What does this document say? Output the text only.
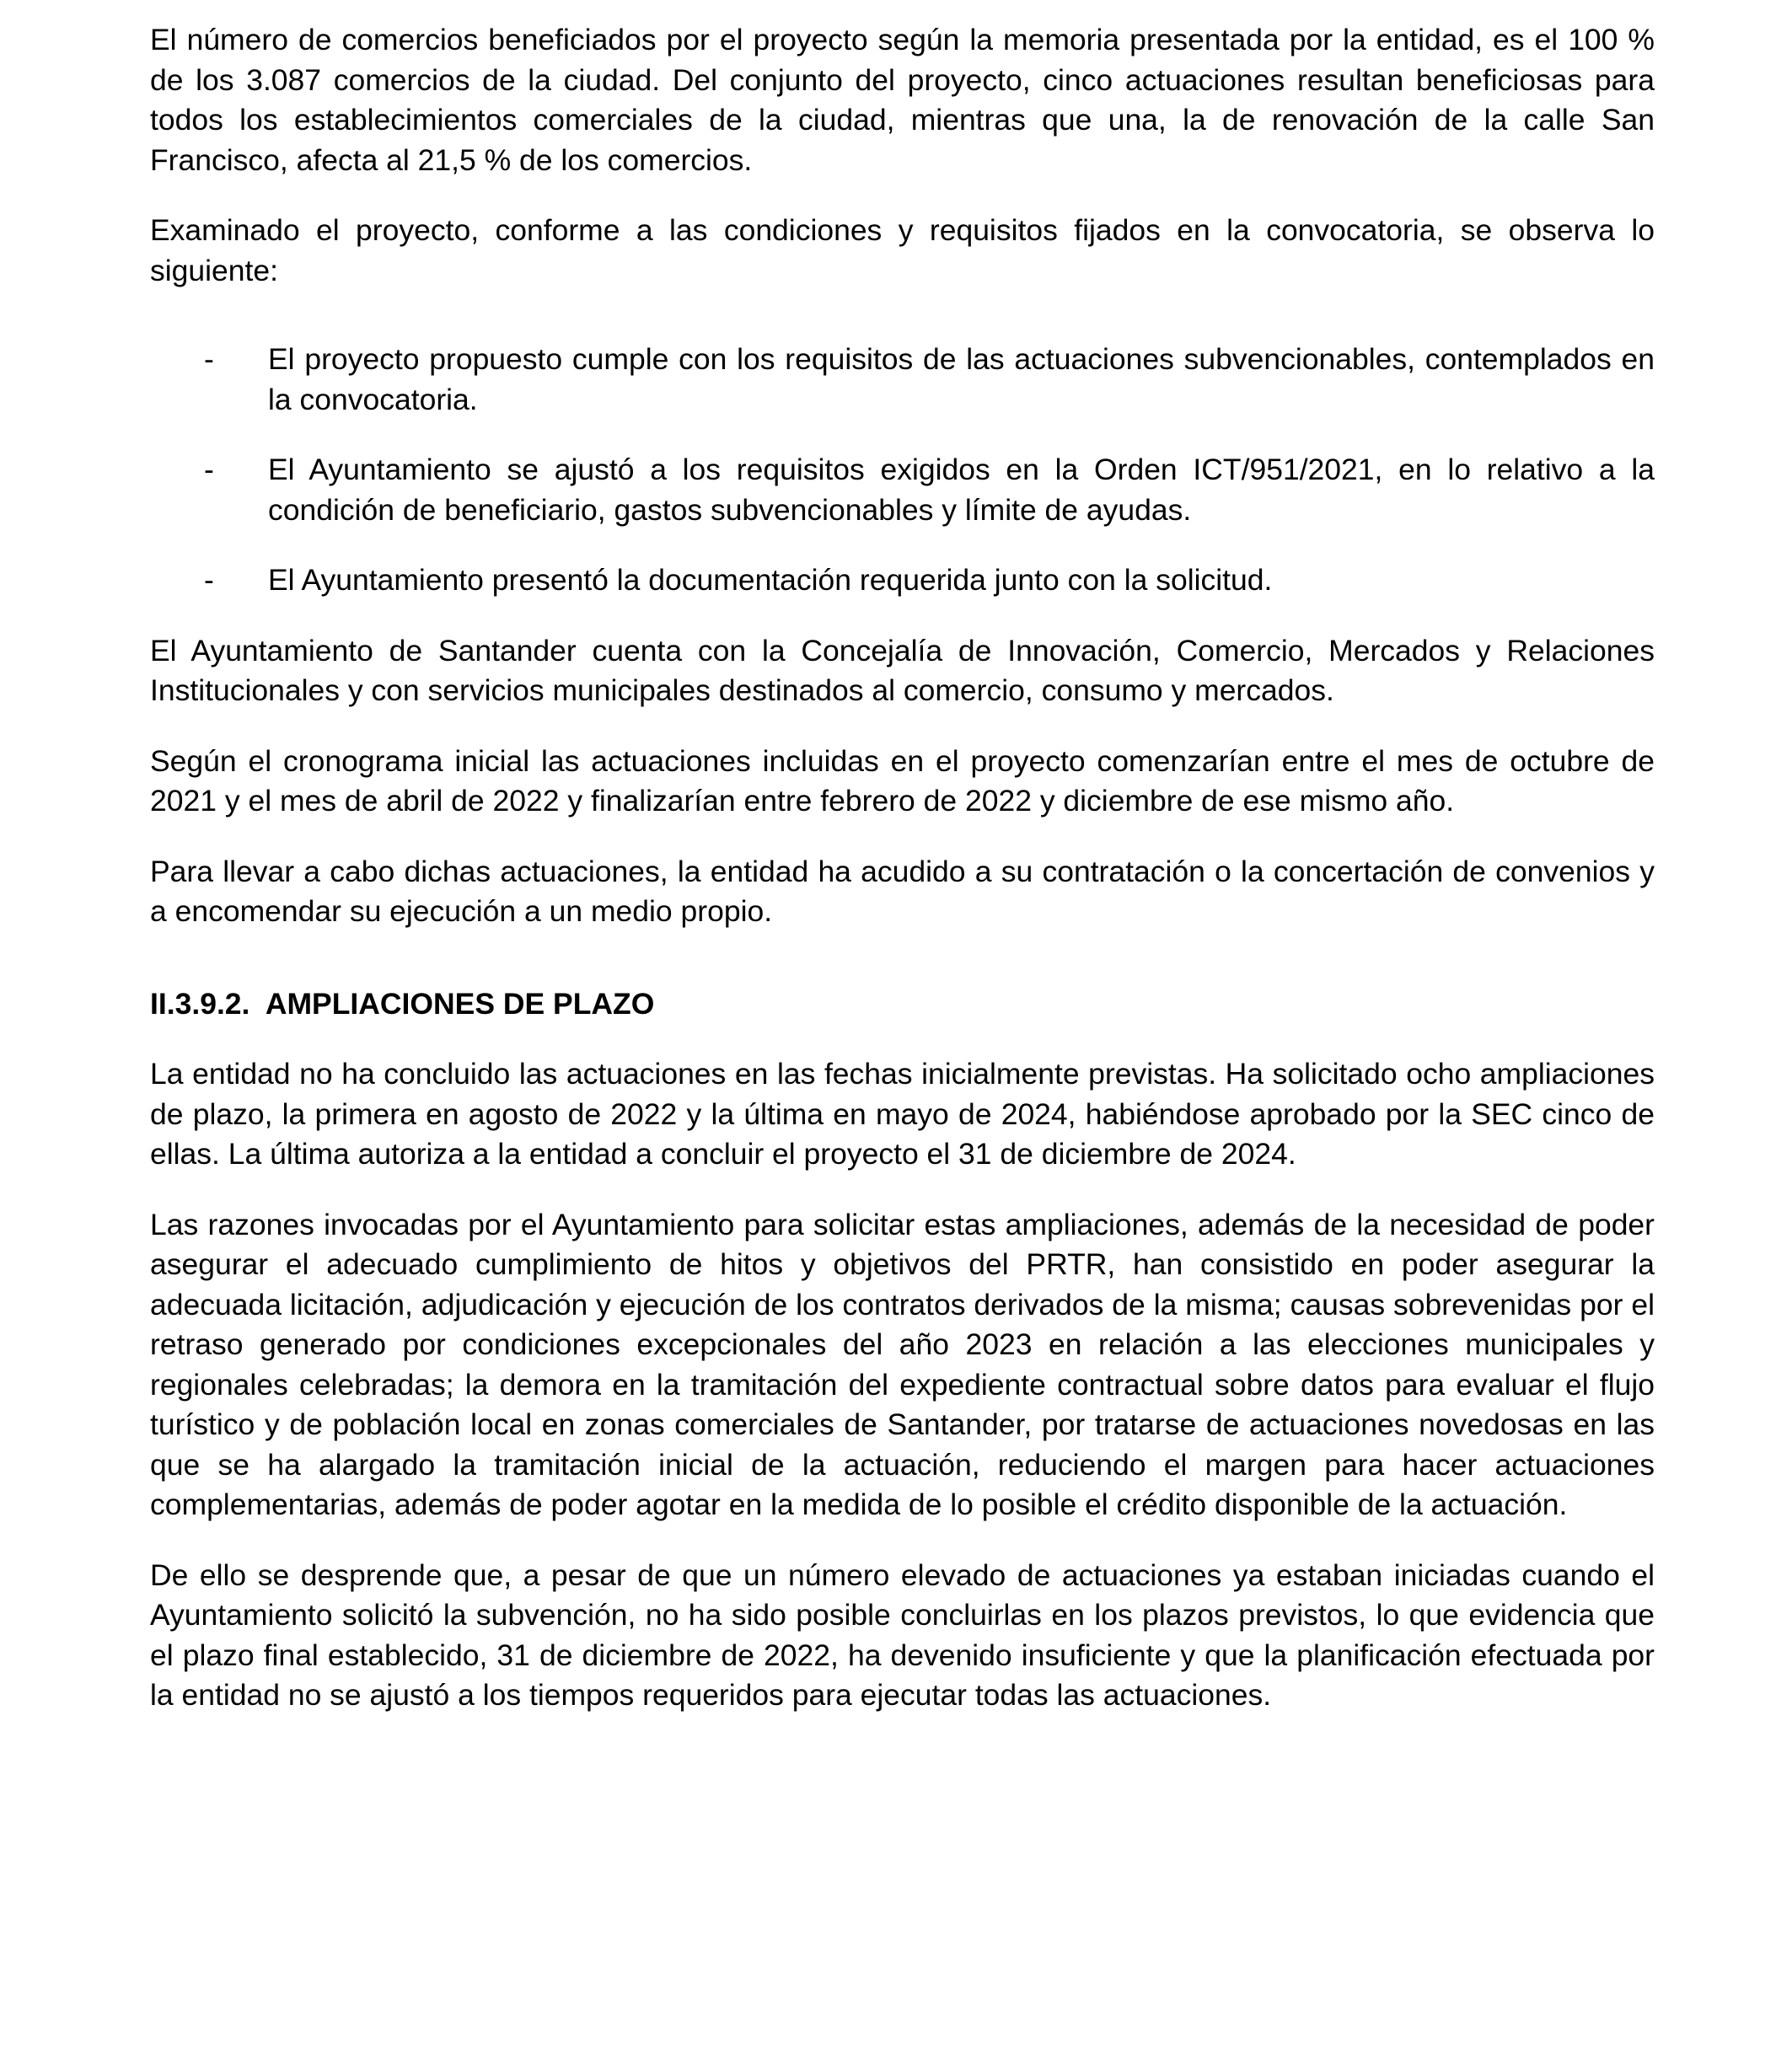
El número de comercios beneficiados por el proyecto según la memoria presentada por la entidad, es el 100 % de los 3.087 comercios de la ciudad. Del conjunto del proyecto, cinco actuaciones resultan beneficiosas para todos los establecimientos comerciales de la ciudad, mientras que una, la de renovación de la calle San Francisco, afecta al 21,5 % de los comercios.

Examinado el proyecto, conforme a las condiciones y requisitos fijados en la convocatoria, se observa lo siguiente:

- El proyecto propuesto cumple con los requisitos de las actuaciones subvencionables, contemplados en la convocatoria.
- El Ayuntamiento se ajustó a los requisitos exigidos en la Orden ICT/951/2021, en lo relativo a la condición de beneficiario, gastos subvencionables y límite de ayudas.
- El Ayuntamiento presentó la documentación requerida junto con la solicitud.

El Ayuntamiento de Santander cuenta con la Concejalía de Innovación, Comercio, Mercados y Relaciones Institucionales y con servicios municipales destinados al comercio, consumo y mercados.

Según el cronograma inicial las actuaciones incluidas en el proyecto comenzarían entre el mes de octubre de 2021 y el mes de abril de 2022 y finalizarían entre febrero de 2022 y diciembre de ese mismo año.

Para llevar a cabo dichas actuaciones, la entidad ha acudido a su contratación o la concertación de convenios y a encomendar su ejecución a un medio propio.

II.3.9.2.  AMPLIACIONES DE PLAZO

La entidad no ha concluido las actuaciones en las fechas inicialmente previstas. Ha solicitado ocho ampliaciones de plazo, la primera en agosto de 2022 y la última en mayo de 2024, habiéndose aprobado por la SEC cinco de ellas. La última autoriza a la entidad a concluir el proyecto el 31 de diciembre de 2024.

Las razones invocadas por el Ayuntamiento para solicitar estas ampliaciones, además de la necesidad de poder asegurar el adecuado cumplimiento de hitos y objetivos del PRTR, han consistido en poder asegurar la adecuada licitación, adjudicación y ejecución de los contratos derivados de la misma; causas sobrevenidas por el retraso generado por condiciones excepcionales del año 2023 en relación a las elecciones municipales y regionales celebradas; la demora en la tramitación del expediente contractual sobre datos para evaluar el flujo turístico y de población local en zonas comerciales de Santander, por tratarse de actuaciones novedosas en las que se ha alargado la tramitación inicial de la actuación, reduciendo el margen para hacer actuaciones complementarias, además de poder agotar en la medida de lo posible el crédito disponible de la actuación.

De ello se desprende que, a pesar de que un número elevado de actuaciones ya estaban iniciadas cuando el Ayuntamiento solicitó la subvención, no ha sido posible concluirlas en los plazos previstos, lo que evidencia que el plazo final establecido, 31 de diciembre de 2022, ha devenido insuficiente y que la planificación efectuada por la entidad no se ajustó a los tiempos requeridos para ejecutar todas las actuaciones.
